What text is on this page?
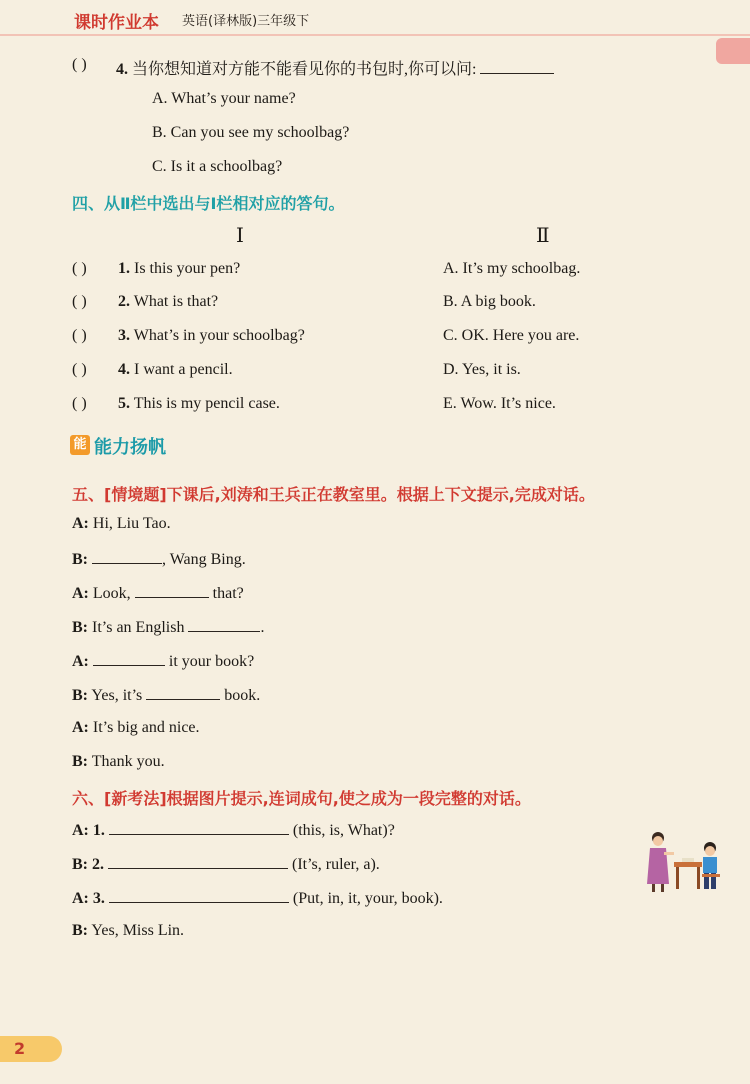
课时作业本 英语(译林版)三年级下
( ) 4. 当你想知道对方能不能看见你的书包时,你可以问:
A. What’s your name?
B. Can you see my schoolbag?
C. Is it a schoolbag?
四、从Ⅱ栏中选出与Ⅰ栏相对应的答句。
Ⅰ	Ⅱ
( ) 1. Is this your pen?	A. It’s my schoolbag.
( ) 2. What is that?	B. A big book.
( ) 3. What’s in your schoolbag?	C. OK. Here you are.
( ) 4. I want a pencil.	D. Yes, it is.
( ) 5. This is my pencil case.	E. Wow. It’s nice.
能 能力扬帆
五、[情境题]下课后,刘涛和王兵正在教室里。根据上下文提示,完成对话。
A: Hi, Liu Tao.
B:	, Wang Bing.
A: Look,	that?
B: It’s an English	.
A:	it your book?
B: Yes, it’s	book.
A: It’s big and nice.
B: Thank you.
六、[新考法]根据图片提示,连词成句,使之成为一段完整的对话。
A: 1.	(this, is, What)?
B: 2.	(It’s, ruler, a).
A: 3.	(Put, in, it, your, book).
B: Yes, Miss Lin.
2
